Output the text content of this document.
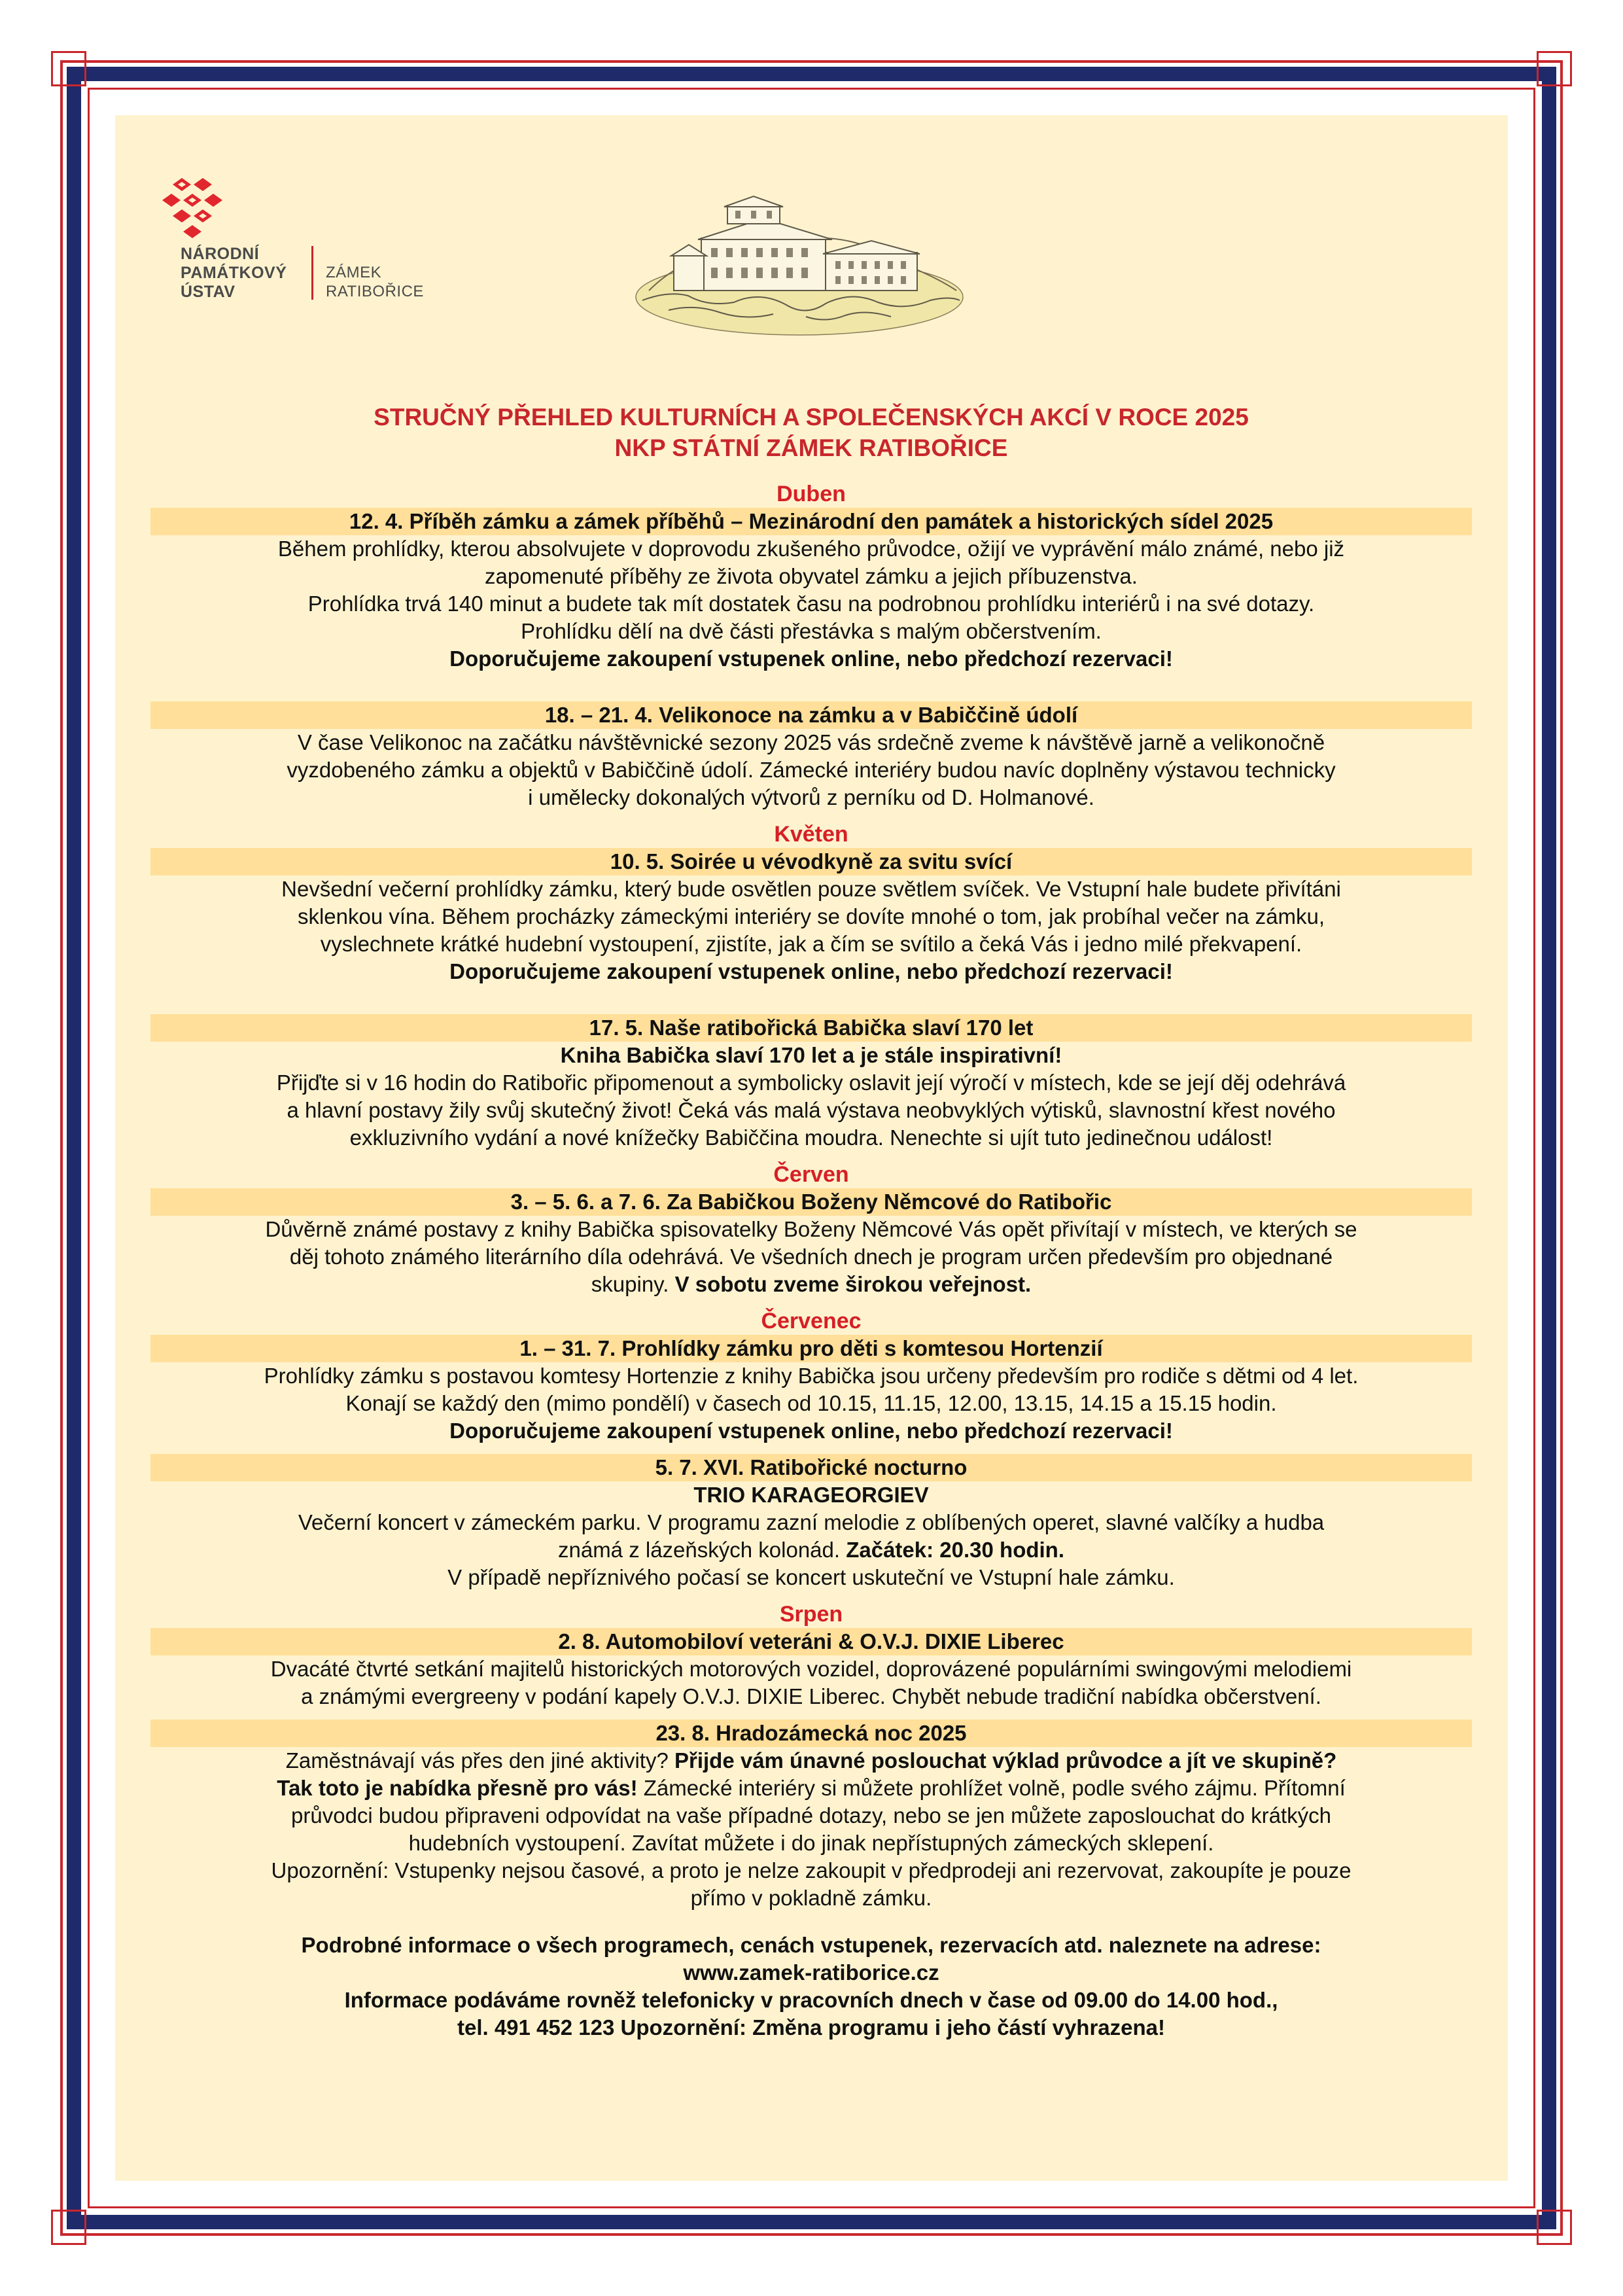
NÁRODNÍ
PAMÁTKOVÝ
ÚSTAV
ZÁMEK
RATIBOŘICE
STRUČNÝ PŘEHLED KULTURNÍCH A SPOLEČENSKÝCH AKCÍ V ROCE 2025
NKP STÁTNÍ ZÁMEK RATIBOŘICE
Duben
12. 4. Příběh zámku a zámek příběhů – Mezinárodní den památek a historických sídel 2025
Během prohlídky, kterou absolvujete v doprovodu zkušeného průvodce, ožijí ve vyprávění málo známé, nebo již
zapomenuté příběhy ze života obyvatel zámku a jejich příbuzenstva.
Prohlídka trvá 140 minut a budete tak mít dostatek času na podrobnou prohlídku interiérů i na své dotazy.
Prohlídku dělí na dvě části přestávka s malým občerstvením.
Doporučujeme zakoupení vstupenek online, nebo předchozí rezervaci!
18. – 21. 4. Velikonoce na zámku a v Babiččině údolí
V čase Velikonoc na začátku návštěvnické sezony 2025 vás srdečně zveme k návštěvě jarně a velikonočně
vyzdobeného zámku a objektů v Babiččině údolí. Zámecké interiéry budou navíc doplněny výstavou technicky
i umělecky dokonalých výtvorů z perníku od D. Holmanové.
Květen
10. 5. Soirée u vévodkyně za svitu svící
Nevšední večerní prohlídky zámku, který bude osvětlen pouze světlem svíček. Ve Vstupní hale budete přivítáni
sklenkou vína. Během procházky zámeckými interiéry se dovíte mnohé o tom, jak probíhal večer na zámku,
vyslechnete krátké hudební vystoupení, zjistíte, jak a čím se svítilo a čeká Vás i jedno milé překvapení.
Doporučujeme zakoupení vstupenek online, nebo předchozí rezervaci!
17. 5. Naše ratibořická Babička slaví 170 let
Kniha Babička slaví 170 let a je stále inspirativní!
Přijďte si v 16 hodin do Ratibořic připomenout a symbolicky oslavit její výročí v místech, kde se její děj odehrává
a hlavní postavy žily svůj skutečný život! Čeká vás malá výstava neobvyklých výtisků, slavnostní křest nového
exkluzivního vydání a nové knížečky Babiččina moudra. Nenechte si ujít tuto jedinečnou událost!
Červen
3. – 5. 6. a 7. 6. Za Babičkou Boženy Němcové do Ratibořic
Důvěrně známé postavy z knihy Babička spisovatelky Boženy Němcové Vás opět přivítají v místech, ve kterých se
děj tohoto známého literárního díla odehrává. Ve všedních dnech je program určen především pro objednané
skupiny. V sobotu zveme širokou veřejnost.
Červenec
1. – 31. 7. Prohlídky zámku pro děti s komtesou Hortenzií
Prohlídky zámku s postavou komtesy Hortenzie z knihy Babička jsou určeny především pro rodiče s dětmi od 4 let.
Konají se každý den (mimo pondělí) v časech od 10.15, 11.15, 12.00, 13.15, 14.15 a 15.15 hodin.
Doporučujeme zakoupení vstupenek online, nebo předchozí rezervaci!
5. 7. XVI. Ratibořické nocturno
TRIO KARAGEORGIEV
Večerní koncert v zámeckém parku. V programu zazní melodie z oblíbených operet, slavné valčíky a hudba
známá z lázeňských kolonád. Začátek: 20.30 hodin.
V případě nepříznivého počasí se koncert uskuteční ve Vstupní hale zámku.
Srpen
2. 8. Automobiloví veteráni & O.V.J. DIXIE Liberec
Dvacáté čtvrté setkání majitelů historických motorových vozidel, doprovázené populárními swingovými melodiemi
a známými evergreeny v podání kapely O.V.J. DIXIE Liberec. Chybět nebude tradiční nabídka občerstvení.
23. 8. Hradozámecká noc 2025
Zaměstnávají vás přes den jiné aktivity? Přijde vám únavné poslouchat výklad průvodce a jít ve skupině?
Tak toto je nabídka přesně pro vás! Zámecké interiéry si můžete prohlížet volně, podle svého zájmu. Přítomní
průvodci budou připraveni odpovídat na vaše případné dotazy, nebo se jen můžete zaposlouchat do krátkých
hudebních vystoupení. Zavítat můžete i do jinak nepřístupných zámeckých sklepení.
Upozornění: Vstupenky nejsou časové, a proto je nelze zakoupit v předprodeji ani rezervovat, zakoupíte je pouze
přímo v pokladně zámku.
Podrobné informace o všech programech, cenách vstupenek, rezervacích atd. naleznete na adrese:
www.zamek-ratiborice.cz
Informace podáváme rovněž telefonicky v pracovních dnech v čase od 09.00 do 14.00 hod.,
tel. 491 452 123 Upozornění: Změna programu i jeho částí vyhrazena!
